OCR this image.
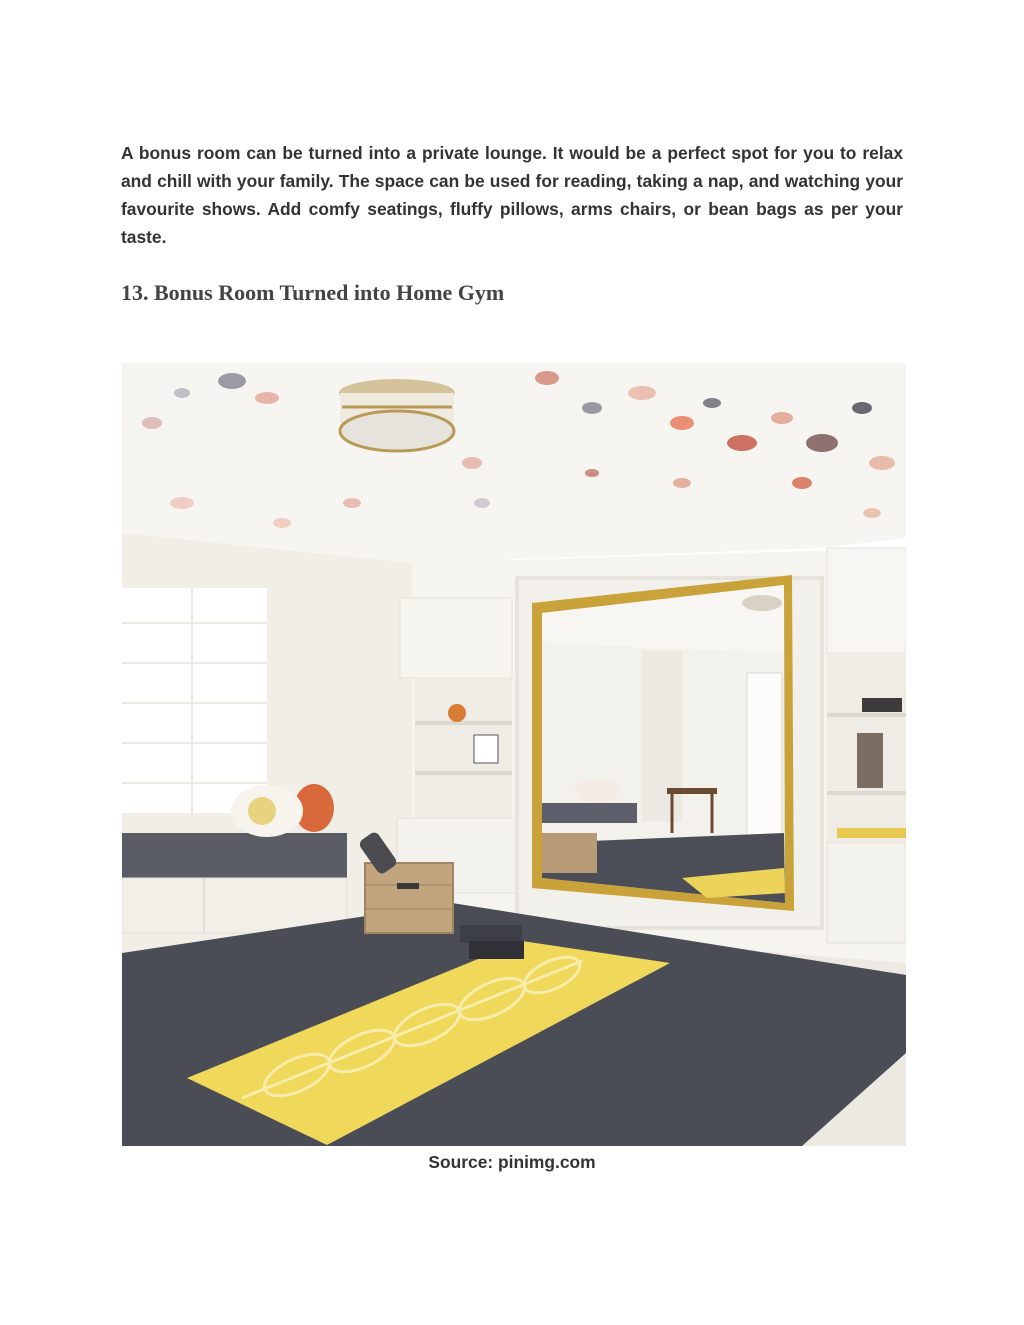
A bonus room can be turned into a private lounge. It would be a perfect spot for you to relax and chill with your family. The space can be used for reading, taking a nap, and watching your favourite shows. Add comfy seatings, fluffy pillows, arms chairs, or bean bags as per your taste.

13. Bonus Room Turned into Home Gym

Source: pinimg.com
